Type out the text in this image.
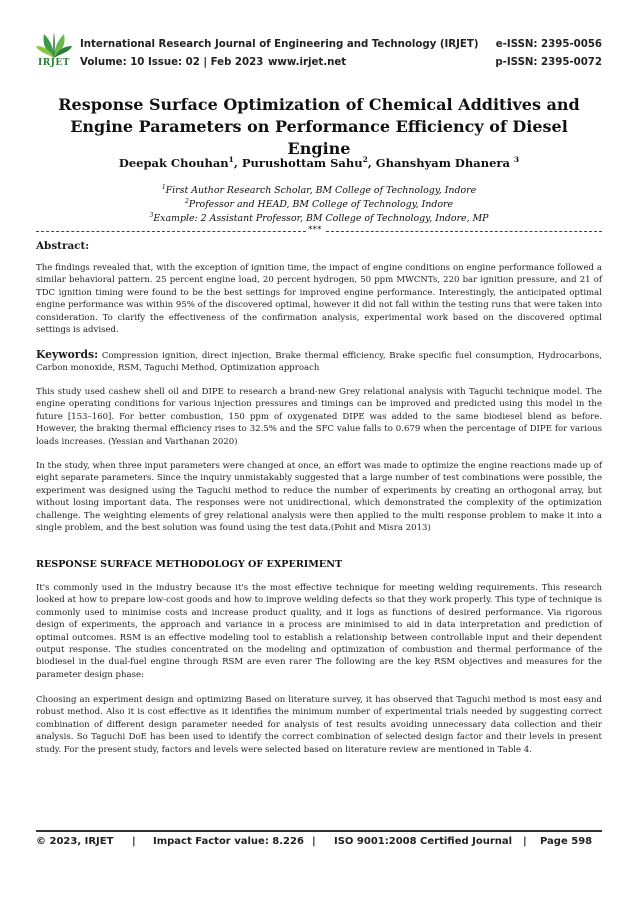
IRJET
International Research Journal of Engineering and Technology (IRJET)
Volume: 10 Issue: 02 | Feb 2023 www.irjet.net
e-ISSN: 2395-0056
p-ISSN: 2395-0072
Response Surface Optimization of Chemical Additives and Engine Parameters on Performance Efficiency of Diesel Engine
Deepak Chouhan$^1$, Purushottam Sahu$^2$, Ghanshyam Dhanera $^3$
$^1$First Author Research Scholar, BM College of Technology, Indore
$^2$Professor and HEAD, BM College of Technology, Indore
$^3$Example: 2 Assistant Professor, BM College of Technology, Indore, MP
***
Abstract:
The findings revealed that, with the exception of ignition time, the impact of engine conditions on engine performance followed a similar behavioral pattern. 25 percent engine load, 20 percent hydrogen, 50 ppm MWCNTs, 220 bar ignition pressure, and 21 of TDC ignition timing were found to be the best settings for improved engine performance. Interestingly, the anticipated optimal engine performance was within 95% of the discovered optimal, however it did not fall within the testing runs that were taken into consideration. To clarify the effectiveness of the confirmation analysis, experimental work based on the discovered optimal settings is advised.
Keywords: Compression ignition, direct injection, Brake thermal efficiency, Brake specific fuel consumption, Hydrocarbons, Carbon monoxide, RSM, Taguchi Method, Optimization approach
This study used cashew shell oil and DIPE to research a brand-new Grey relational analysis with Taguchi technique model. The engine operating conditions for various injection pressures and timings can be improved and predicted using this model in the future [153–160]. For better combustion, 150 ppm of oxygenated DIPE was added to the same biodiesel blend as before. However, the braking thermal efficiency rises to 32.5% and the SFC value falls to 0.679 when the percentage of DIPE for various loads increases. (Yessian and Varthanan 2020)
In the study, when three input parameters were changed at once, an effort was made to optimize the engine reactions made up of eight separate parameters. Since the inquiry unmistakably suggested that a large number of test combinations were possible, the experiment was designed using the Taguchi method to reduce the number of experiments by creating an orthogonal array, but without losing important data. The responses were not unidirectional, which demonstrated the complexity of the optimization challenge. The weighting elements of grey relational analysis were then applied to the multi response problem to make it into a single problem, and the best solution was found using the test data.(Pohit and Misra 2013)
RESPONSE SURFACE METHODOLOGY OF EXPERIMENT
It's commonly used in the industry because it's the most effective technique for meeting welding requirements. This research looked at how to prepare low-cost goods and how to improve welding defects so that they work properly. This type of technique is commonly used to minimise costs and increase product quality, and it logs as functions of desired performance. Via rigorous design of experiments, the approach and variance in a process are minimised to aid in data interpretation and prediction of optimal outcomes. RSM is an effective modeling tool to establish a relationship between controllable input and their dependent output response. The studies concentrated on the modeling and optimization of combustion and thermal performance of the biodiesel in the dual-fuel engine through RSM are even rarer The following are the key RSM objectives and measures for the parameter design phase:
Choosing an experiment design and optimizing Based on literature survey, it has observed that Taguchi method is most easy and robust method. Also it is cost effective as it identifies the minimum number of experimental trials needed by suggesting correct combination of different design parameter needed for analysis of test results avoiding unnecessary data collection and their analysis. So Taguchi DoE has been used to identify the correct combination of selected design factor and their levels in present study. For the present study, factors and levels were selected based on literature review are mentioned in Table 4.
© 2023, IRJET | Impact Factor value: 8.226 | ISO 9001:2008 Certified Journal | Page 598
